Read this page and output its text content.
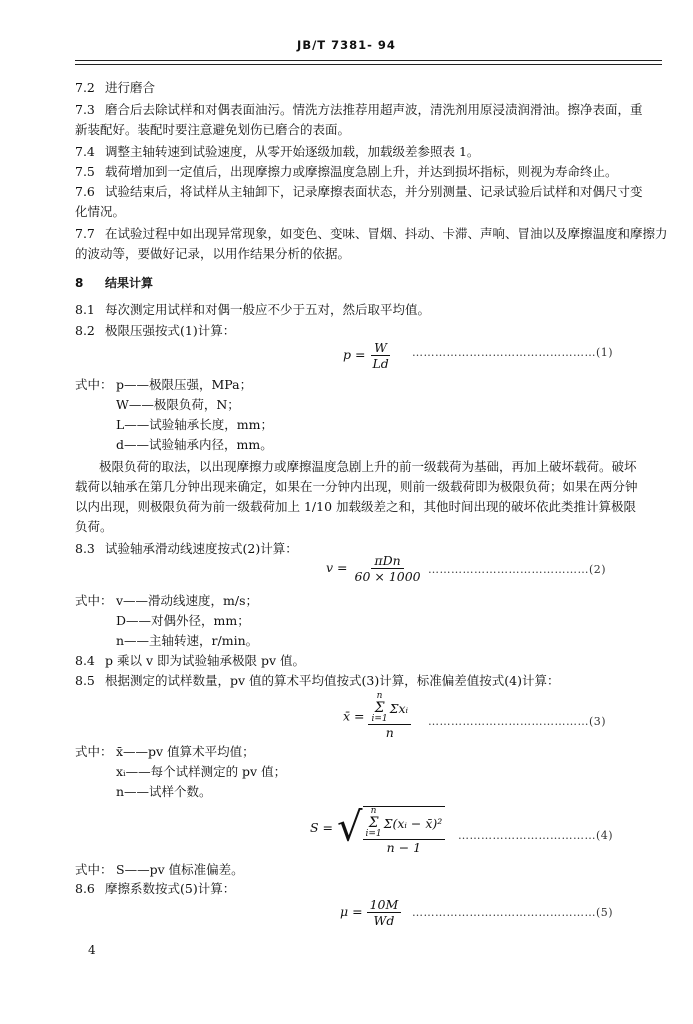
JB/T 7381- 94
7.2 进行磨合
7.3 磨合后去除试样和对偶表面油污。情洗方法推荐用超声波，清洗剂用原浸渍润滑油。擦净表面，重
新装配好。装配时要注意避免划伤已磨合的表面。
7.4 调整主轴转速到试验速度，从零开始逐级加载，加载级差参照表 1。
7.5 载荷增加到一定值后，出现摩擦力或摩擦温度急剧上升，并达到损坏指标，则视为寿命终止。
7.6 试验结束后，将试样从主轴卸下，记录摩擦表面状态，并分别测量、记录试验后试样和对偶尺寸变
化情况。
7.7 在试验过程中如出现异常现象，如变色、变味、冒烟、抖动、卡滞、声响、冒油以及摩擦温度和摩擦力
的波动等，要做好记录，以用作结果分析的依据。
8 结果计算
8.1 每次测定用试样和对偶一般应不少于五对，然后取平均值。
8.2 极限压强按式(1)计算：
$p = \frac{W}{Ld}$ …………………………………………(1)
式中： p——极限压强，MPa；
W——极限负荷，N；
L——试验轴承长度，mm；
d——试验轴承内径，mm。
极限负荷的取法，以出现摩擦力或摩擦温度急剧上升的前一级载荷为基础，再加上破坏载荷。破坏
载荷以轴承在第几分钟出现来确定，如果在一分钟内出现，则前一级载荷即为极限负荷；如果在两分钟
以内出现，则极限负荷为前一级载荷加上 1/10 加载级差之和，其他时间出现的破坏依此类推计算极限
负荷。
8.3 试验轴承滑动线速度按式(2)计算：
$v = \frac{\text{πDn}}{60 \times 1000}$ ……………………………………(2)
式中： v——滑动线速度，m/s；
D——对偶外径，mm；
n——主轴转速，r/min。
8.4 p 乘以 v 即为试验轴承极限 pv 值。
8.5 根据测定的试样数量，pv 值的算术平均值按式(3)计算，标准偏差值按式(4)计算：
x̄ = n
Σ
i=1
Σxᵢ
n ……………………………………(3)
式中： x̄——pv 值算术平均值；
xᵢ——每个试样测定的 pv 值；
n——试样个数。
S = √ n
Σ
i=1
Σ(xᵢ − x̄)²
n − 1 ………………………………(4)
式中： S——pv 值标准偏差。
8.6 摩擦系数按式(5)计算：
$\mu = \frac{10M}{Wd}$ …………………………………………(5)
4
